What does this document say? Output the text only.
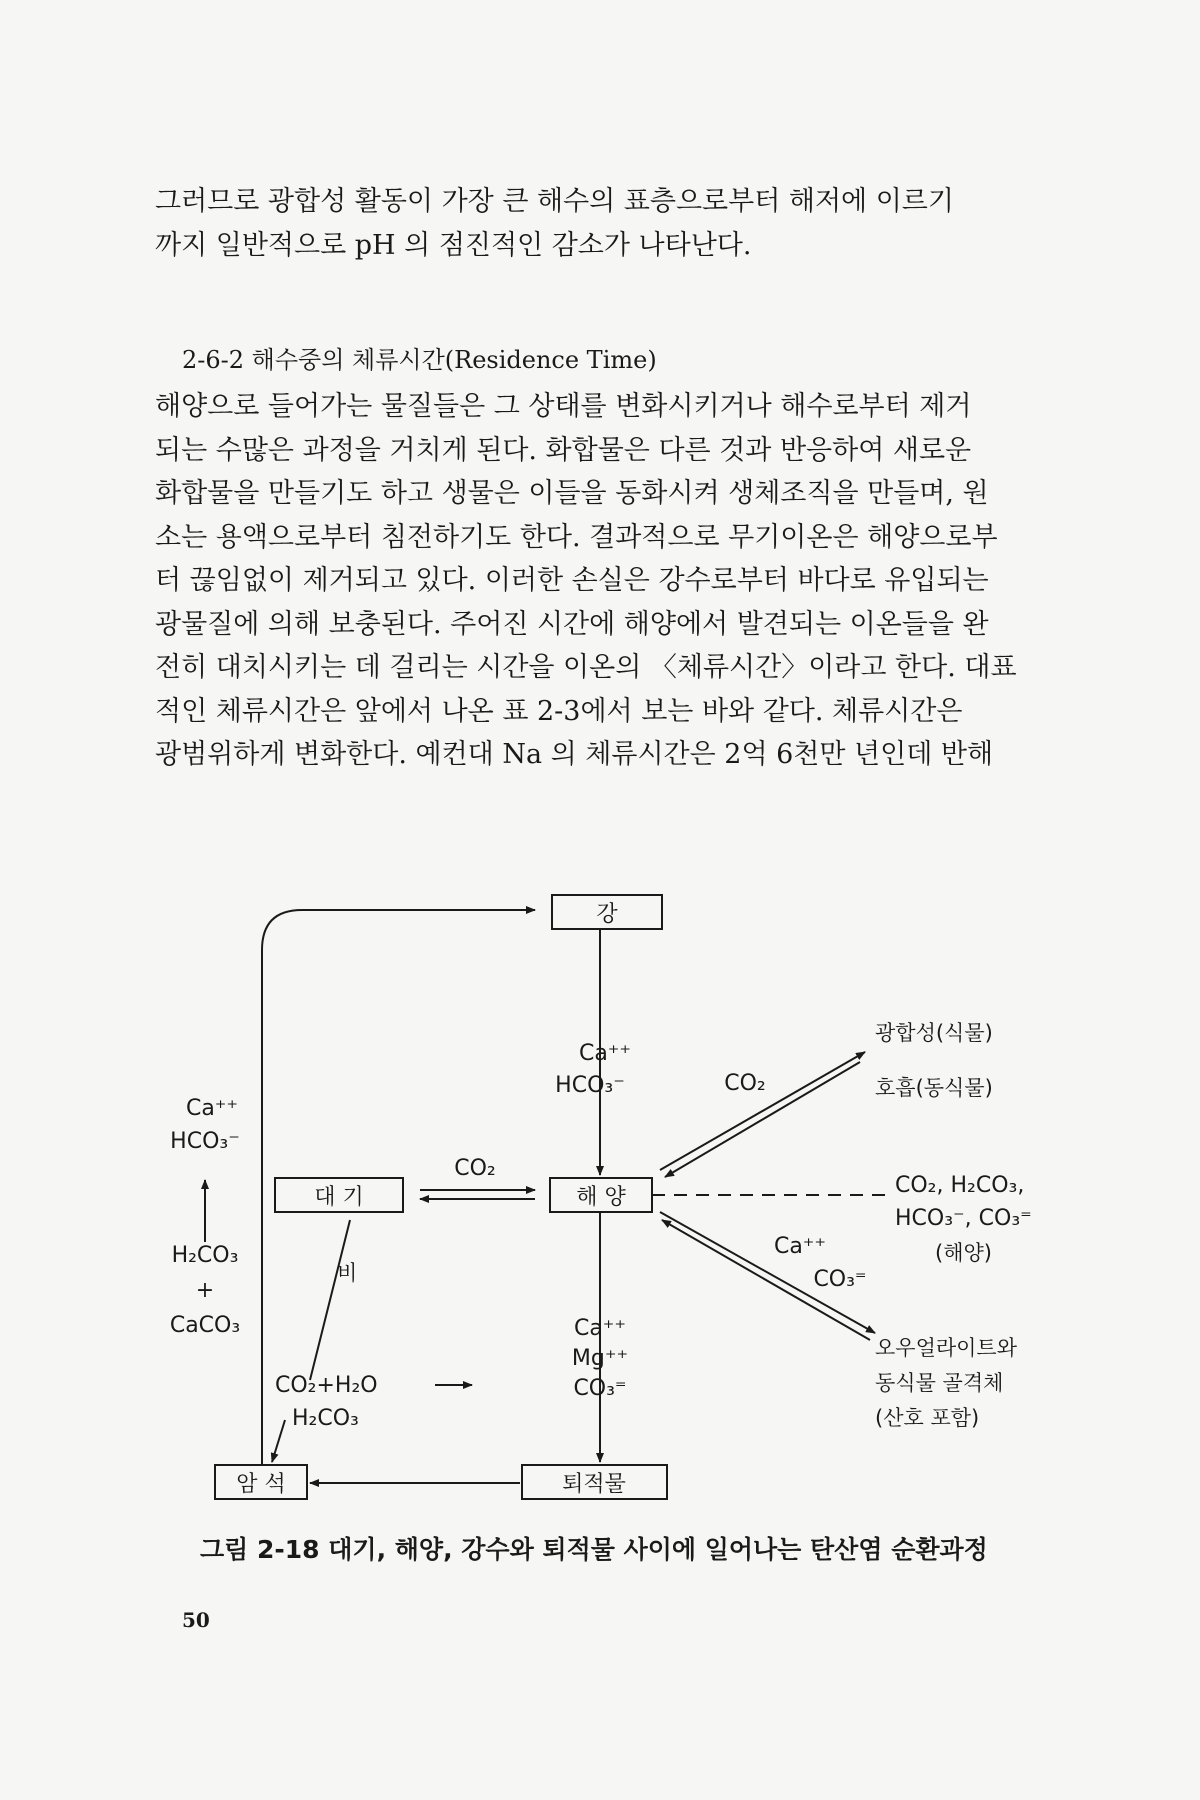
그러므로 광합성 활동이 가장 큰 해수의 표층으로부터 해저에 이르기
까지 일반적으로 pH 의 점진적인 감소가 나타난다.
2-6-2 해수중의 체류시간(Residence Time)
해양으로 들어가는 물질들은 그 상태를 변화시키거나 해수로부터 제거
되는 수많은 과정을 거치게 된다. 화합물은 다른 것과 반응하여 새로운
화합물을 만들기도 하고 생물은 이들을 동화시켜 생체조직을 만들며, 원
소는 용액으로부터 침전하기도 한다. 결과적으로 무기이온은 해양으로부
터 끊임없이 제거되고 있다. 이러한 손실은 강수로부터 바다로 유입되는
광물질에 의해 보충된다. 주어진 시간에 해양에서 발견되는 이온들을 완
전히 대치시키는 데 걸리는 시간을 이온의 〈체류시간〉이라고 한다. 대표
적인 체류시간은 앞에서 나온 표 2-3에서 보는 바와 같다. 체류시간은
광범위하게 변화한다. 예컨대 Na 의 체류시간은 2억 6천만 년인데 반해
강
대 기	해 양
암 석	퇴적물
Ca⁺⁺
HCO₃⁻
CO₂
CO₂
광합성(식물)
호흡(동식물)
CO₂, H₂CO₃,
HCO₃⁻, CO₃⁼
(해양)
Ca⁺⁺
CO₃⁼
오우얼라이트와
동식물 골격체
(산호 포함)
Ca⁺⁺
Mg⁺⁺
CO₃⁼
Ca⁺⁺
HCO₃⁻
H₂CO₃
+
CaCO₃
비
CO₂+H₂O
H₂CO₃
그림 2-18 대기, 해양, 강수와 퇴적물 사이에 일어나는 탄산염 순환과정
50
